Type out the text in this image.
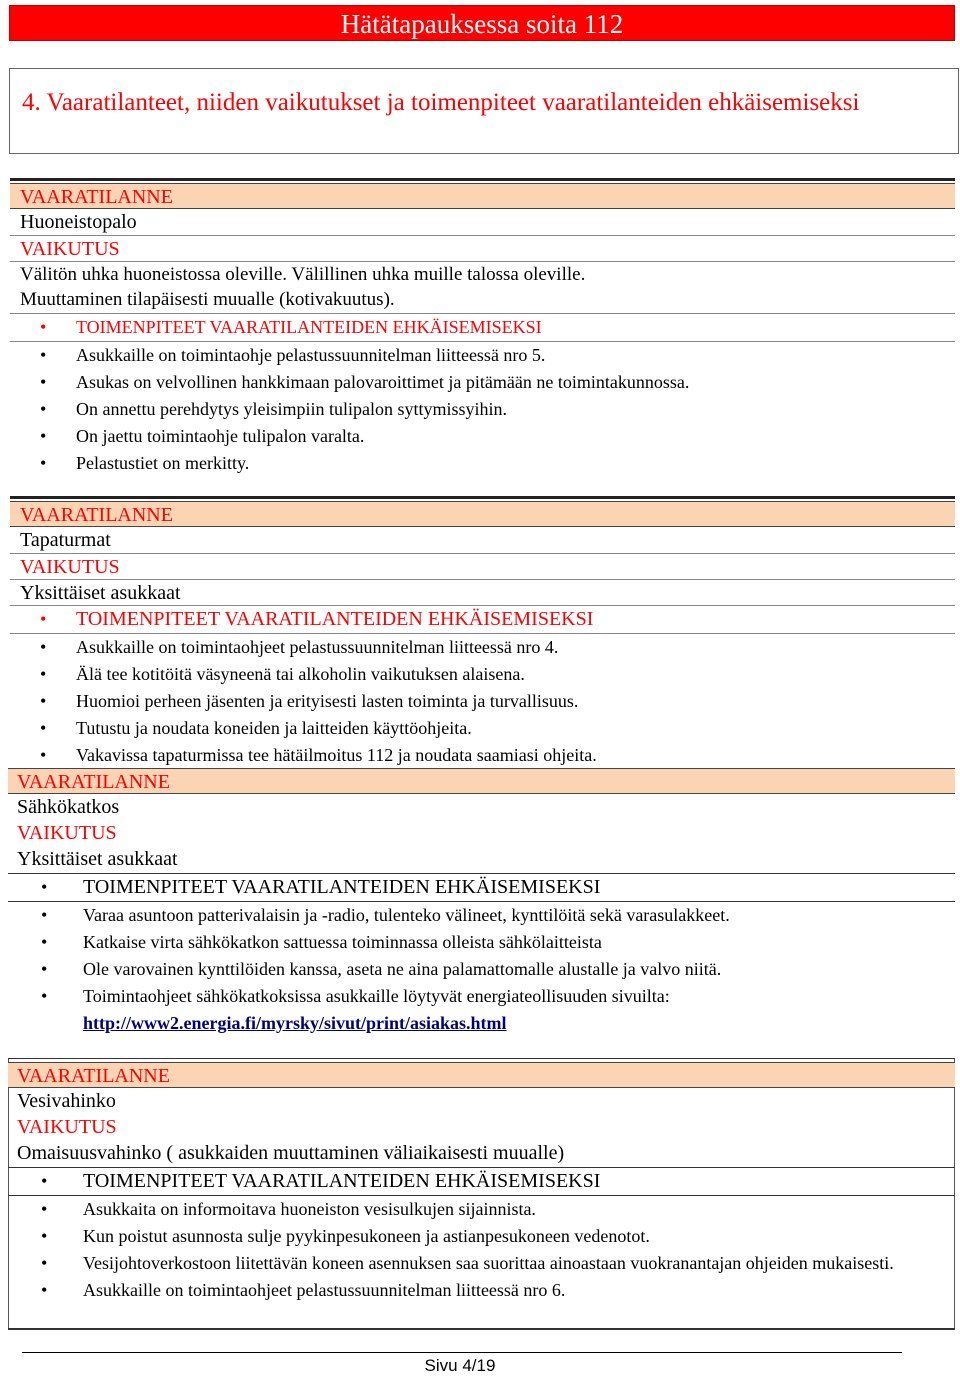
Hätätapauksessa soita 112
4. Vaaratilanteet, niiden vaikutukset ja toimenpiteet vaaratilanteiden ehkäisemiseksi
VAARATILANNE
Huoneistopalo
VAIKUTUS
Välitön uhka huoneistossa oleville. Välillinen uhka muille talossa oleville.
Muuttaminen tilapäisesti muualle (kotivakuutus).
• TOIMENPITEET VAARATILANTEIDEN EHKÄISEMISEKSI
• Asukkaille on toimintaohje pelastussuunnitelman liitteessä nro 5.
• Asukas on velvollinen hankkimaan palovaroittimet ja pitämään ne toimintakunnossa.
• On annettu perehdytys yleisimpiin tulipalon syttymissyihin.
• On jaettu toimintaohje tulipalon varalta.
• Pelastustiet on merkitty.
VAARATILANNE
Tapaturmat
VAIKUTUS
Yksittäiset asukkaat
• TOIMENPITEET VAARATILANTEIDEN EHKÄISEMISEKSI
• Asukkaille on toimintaohjeet pelastussuunnitelman liitteessä nro 4.
• Älä tee kotitöitä väsyneenä tai alkoholin vaikutuksen alaisena.
• Huomioi perheen jäsenten ja erityisesti lasten toiminta ja turvallisuus.
• Tutustu ja noudata koneiden ja laitteiden käyttöohjeita.
• Vakavissa tapaturmissa tee hätäilmoitus 112 ja noudata saamiasi ohjeita.
VAARATILANNE
Sähkökatkos
VAIKUTUS
Yksittäiset asukkaat
• TOIMENPITEET VAARATILANTEIDEN EHKÄISEMISEKSI
• Varaa asuntoon patterivalaisin ja -radio, tulenteko välineet, kynttilöitä sekä varasulakkeet.
• Katkaise virta sähkökatkon sattuessa toiminnassa olleista sähkölaitteista
• Ole varovainen kynttilöiden kanssa, aseta ne aina palamattomalle alustalle ja valvo niitä.
• Toimintaohjeet sähkökatkoksissa asukkaille löytyvät energiateollisuuden sivuilta:
http://www2.energia.fi/myrsky/sivut/print/asiakas.html
VAARATILANNE
Vesivahinko
VAIKUTUS
Omaisuusvahinko ( asukkaiden muuttaminen väliaikaisesti muualle)
• TOIMENPITEET VAARATILANTEIDEN EHKÄISEMISEKSI
• Asukkaita on informoitava huoneiston vesisulkujen sijainnista.
• Kun poistut asunnosta sulje pyykinpesukoneen ja astianpesukoneen vedenotot.
• Vesijohtoverkostoon liitettävän koneen asennuksen saa suorittaa ainoastaan vuokranantajan ohjeiden mukaisesti.
• Asukkaille on toimintaohjeet pelastussuunnitelman liitteessä nro 6.
Sivu 4/19
